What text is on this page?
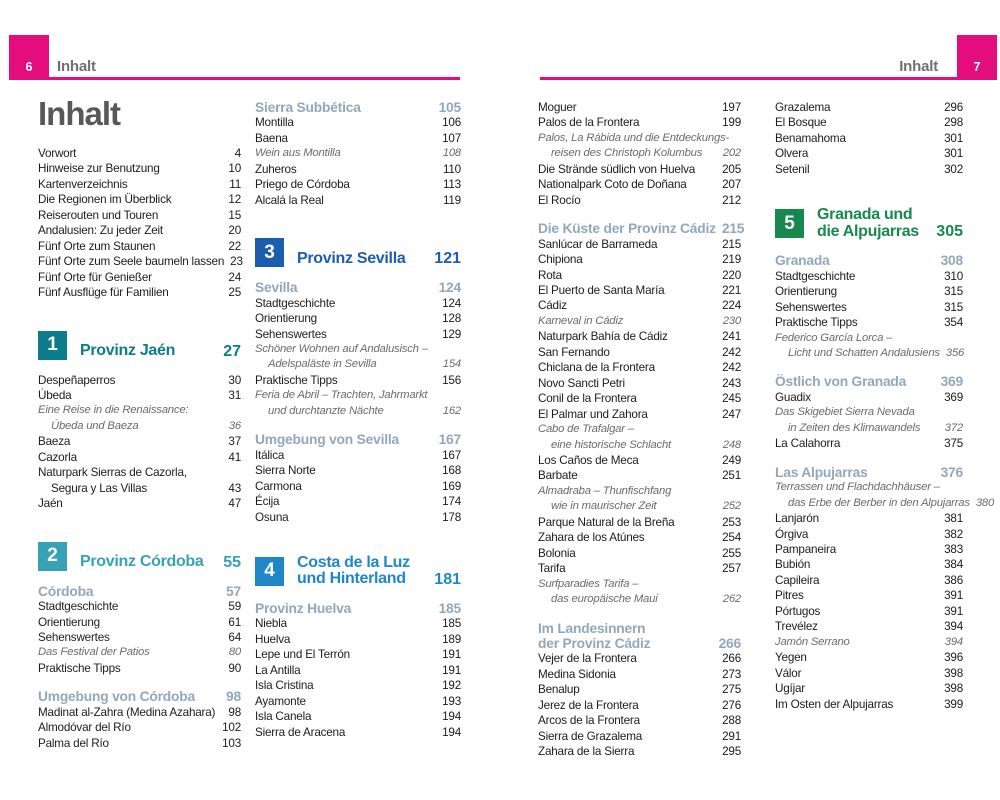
6 Inhalt	7
Inhalt
Inhalt
Vorwort	4
Hinweise zur Benutzung	10
Kartenverzeichnis	11
Die Regionen im Überblick	12
Reiserouten und Touren	15
Andalusien: Zu jeder Zeit	20
Fünf Orte zum Staunen	22
Fünf Orte zum Seele baumeln lassen 23
Fünf Orte für Genießer	24
Fünf Ausflüge für Familien	25
1	Provinz Jaén	27
Despeñaperros	30
Úbeda	31
Eine Reise in die Renaissance:
Úbeda und Baeza	36
Baeza	37
Cazorla	41
Naturpark Sierras de Cazorla,
Segura y Las Villas	43
Jaén	47
2	Provinz Córdoba 55
Córdoba	57
Stadtgeschichte	59
Orientierung	61
Sehenswertes	64
Das Festival der Patios	80
Praktische Tipps	90
Umgebung von Córdoba 98
Madinat al-Zahra (Medina Azahara) 98
Almodóvar del Río	102
Palma del Río	103
Sierra Subbética	105
Montilla	106
Baena	107
Wein aus Montilla	108
Zuheros	110
Priego de Córdoba	113
Alcalá la Real	119
3	Provinz Sevilla 121
Sevilla	124
Stadtgeschichte	124
Orientierung	128
Sehenswertes	129
Schöner Wohnen auf Andalusisch –
Adelspaläste in Sevilla	154
Praktische Tipps	156
Feria de Abril – Trachten, Jahrmarkt
und durchtanzte Nächte	162
Umgebung von Sevilla	167
Itálica	167
Sierra Norte	168
Carmona	169
Écija	174
Osuna	178
4	Costa de la Luz
und Hinterland 181
Provinz Huelva	185
Niebla	185
Huelva	189
Lepe und El Terrón	191
La Antilla	191
Isla Cristina	192
Ayamonte	193
Isla Canela	194
Sierra de Aracena	194
Moguer	197
Palos de la Frontera	199
Palos, La Rábida und die Entdeckungs-
reisen des Christoph Kolumbus 202
Die Strände südlich von Huelva 205
Nationalpark Coto de Doñana	207
El Rocío	212
Die Küste der Provinz Cádiz 215
Sanlúcar de Barrameda	215
Chipiona	219
Rota	220
El Puerto de Santa María	221
Cádiz	224
Karneval in Cádiz	230
Naturpark Bahía de Cádiz	241
San Fernando	242
Chiclana de la Frontera	242
Novo Sancti Petri	243
Conil de la Frontera	245
El Palmar und Zahora	247
Cabo de Trafalgar –
eine historische Schlacht	248
Los Caños de Meca	249
Barbate	251
Almadraba – Thunfischfang
wie in maurischer Zeit	252
Parque Natural de la Breña	253
Zahara de los Atúnes	254
Bolonia	255
Tarifa	257
Surfparadies Tarifa –
das europäische Maui	262
Im Landesinnern
der Provinz Cádiz	266
Vejer de la Frontera	266
Medina Sidonia	273
Benalup	275
Jerez de la Frontera	276
Arcos de la Frontera	288
Sierra de Grazalema	291
Zahara de la Sierra	295
Grazalema	296
El Bosque	298
Benamahoma	301
Olvera	301
Setenil	302
5	Granada und
die Alpujarras 305
Granada	308
Stadtgeschichte	310
Orientierung	315
Sehenswertes	315
Praktische Tipps	354
Federico García Lorca –
Licht und Schatten Andalusiens 356
Östlich von Granada 369
Guadix	369
Das Skigebiet Sierra Nevada
in Zeiten des Klimawandels 372
La Calahorra	375
Las Alpujarras	376
Terrassen und Flachdachhäuser –
das Erbe der Berber in den Alpujarras 380
Lanjarón	381
Órgiva	382
Pampaneira	383
Bubión	384
Capileira	386
Pitres	391
Pórtugos	391
Trevélez	394
Jamón Serrano	394
Yegen	396
Válor	398
Ugíjar	398
Im Osten der Alpujarras	399
